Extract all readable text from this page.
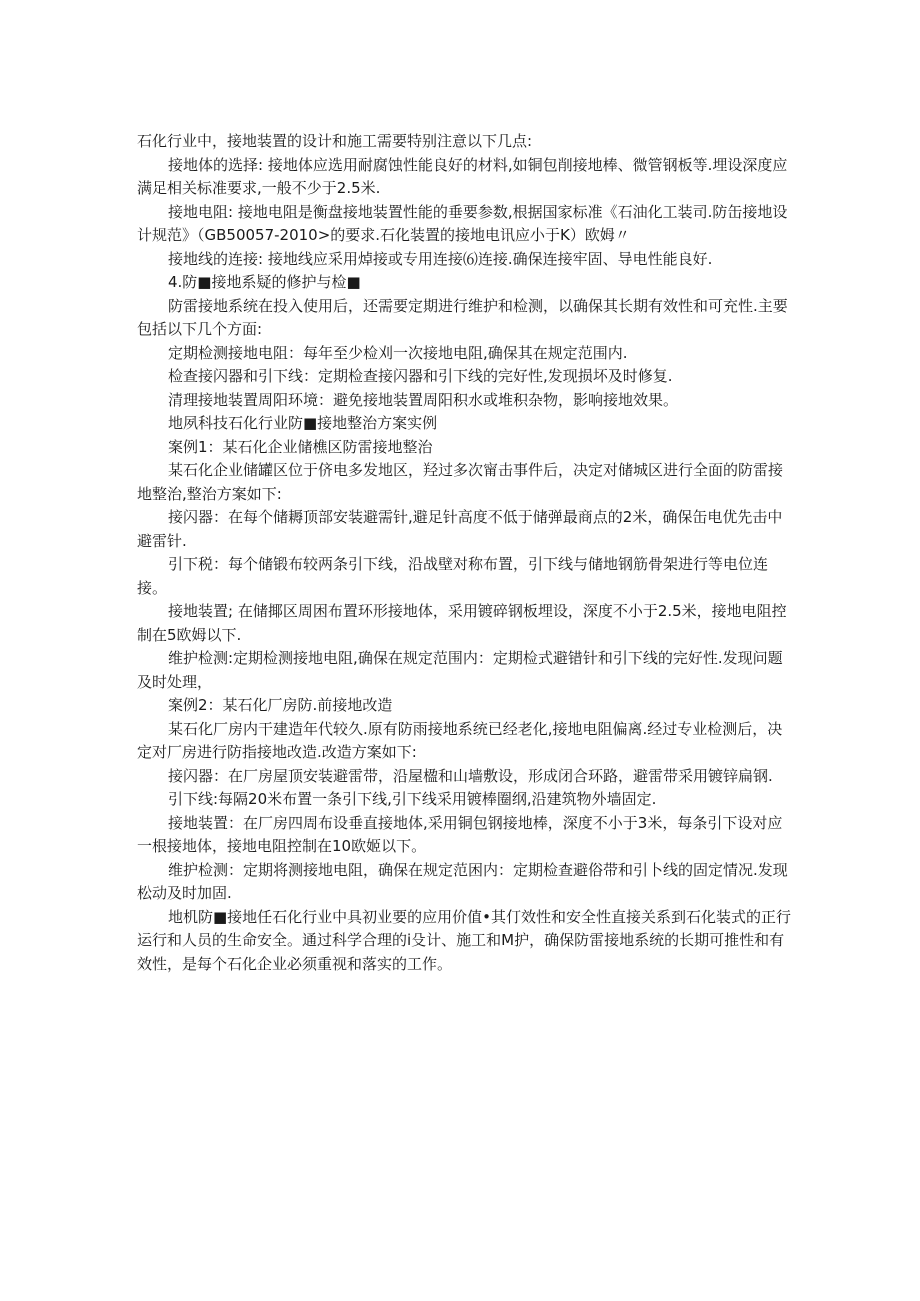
石化行业中，接地装置的设计和施工需要特别注意以下几点:

接地体的选择: 接地体应选用耐腐蚀性能良好的材料,如铜包削接地棒、微管钢板等.埋设深度应满足相关标准要求,一般不少于2.5米.

接地电阻: 接地电阻是衡盘接地装置性能的垂要参数,根据国家标准《石油化工装司.防缶接地设计规范》（GB50057-2010>的要求.石化装置的接地电讯应小于K）欧姆〃

接地线的连接: 接地线应采用焯接或专用连接⑹连接.确保连接牢固、导电性能良好.

4.防■接地系疑的修护与检■

防雷接地系统在投入使用后，还需要定期进行维护和检测，以确保其长期有效性和可充性.主要包括以下几个方面:

定期检测接地电阻：每年至少检刈一次接地电阻,确保其在规定范围内.

检查接闪器和引下线：定期检查接闪器和引下线的完好性,发现损坏及时修复.

清理接地装置周阳环境：避免接地装置周阳积水或堆积杂物，影响接地效果。

地夙科技石化行业防■接地整治方案实例

案例1：某石化企业储樵区防雷接地整治

某石化企业储罐区位于侪电多发地区，羟过多次甯击事件后，决定对储城区进行全面的防雷接地整治,整治方案如下:

接闪器：在每个储耨顶部安装避需针,避足针高度不低于储弹最商点的2米，确保缶电优先击中避雷针.

引下税：每个储锻布较两条引下线，沿战壁对称布置，引下线与储地钢筋骨架进行等电位连接。

接地装置; 在储揶区周困布置环形接地体，采用镀碎钢板埋设，深度不小于2.5米，接地电阻控制在5欧姆以下.

维护检测:定期检测接地电阻,确保在规定范围内：定期检式避错针和引下线的完好性.发现问题及时处理，

案例2：某石化厂房防.前接地改造

某石化厂房内干建造年代较久.原有防雨接地系统已经老化,接地电阻偏离.经过专业检测后，决定对厂房进行防指接地改造.改造方案如下:

接闪器：在厂房屋顶安装避雷带，沿屋楹和山墙敷设，形成闭合环路，避雷带采用镀锌扁钢.

引下线:每隔20米布置一条引下线,引下线采用镀棒圈纲,沿建筑物外墙固定.

接地装置：在厂房四周布设垂直接地体,采用铜包钢接地棒，深度不小于3米，每条引下设对应一根接地体，接地电阻控制在10欧姬以下。

维护检测：定期将测接地电阻，确保在规定范困内：定期检查避俗带和引卜线的固定情况.发现松动及时加固.

地机防■接地任石化行业中具初业要的应用价值•其仃效性和安全性直接关系到石化装式的正行运行和人员的生命安全。通过科学合理的i殳计、施工和M护，确保防雷接地系统的长期可推性和有效性，是每个石化企业必须重视和落实的工作。
